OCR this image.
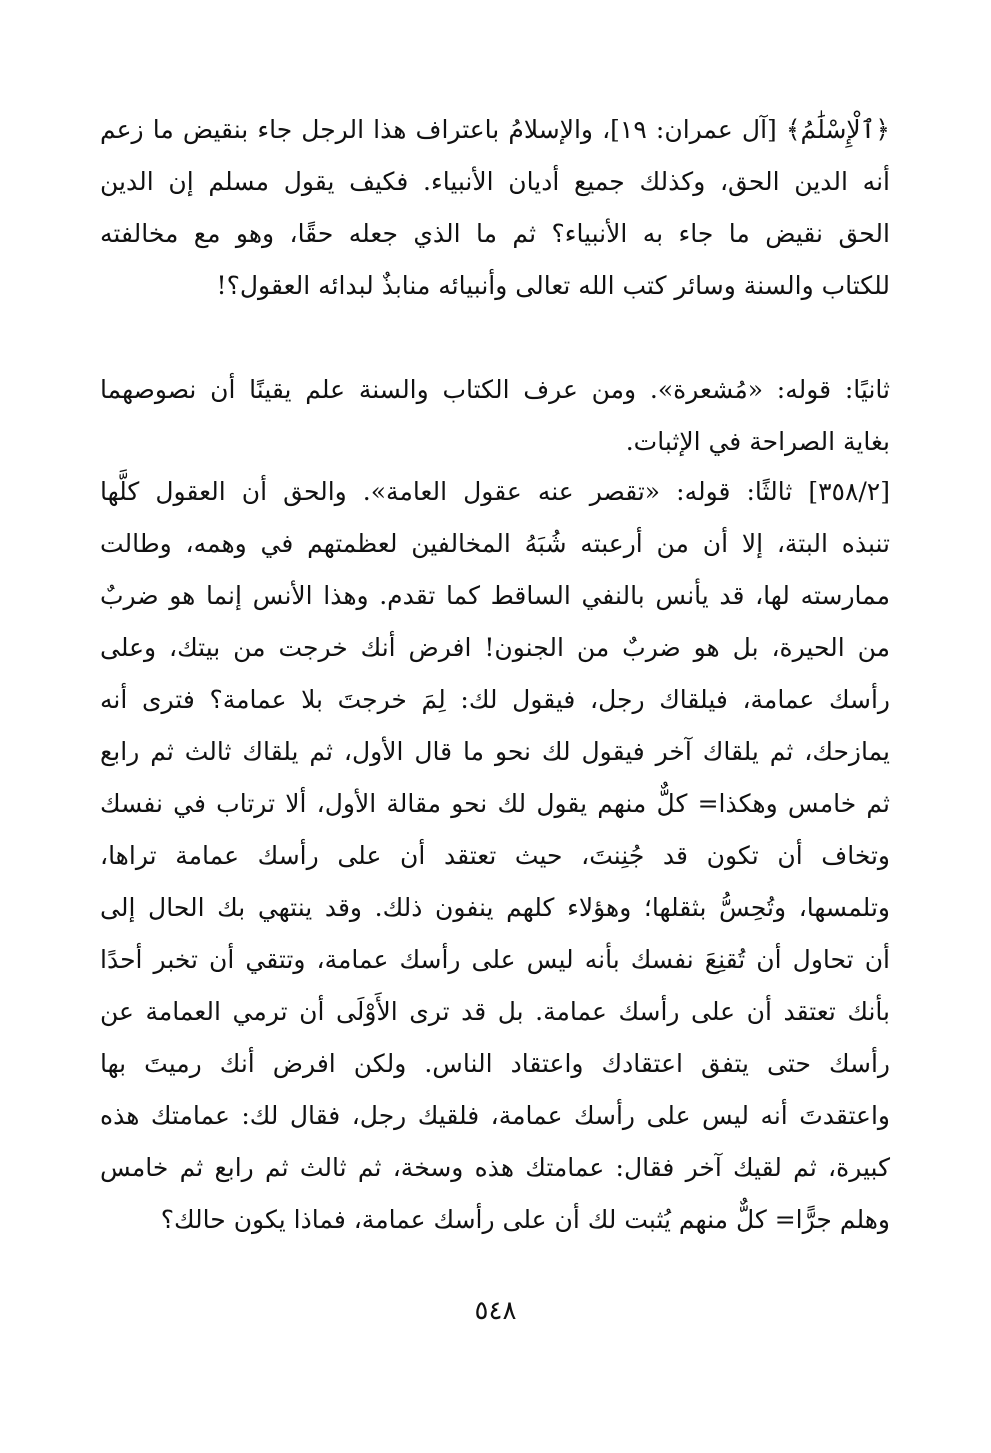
﴿ٱلْإِسْلَٰمُ﴾ [آل عمران: ١٩]، والإسلامُ باعتراف هذا الرجل جاء بنقيض ما زعم
أنه الدين الحق، وكذلك جميع أديان الأنبياء. فكيف يقول مسلم إن الدين
الحق نقيض ما جاء به الأنبياء؟ ثم ما الذي جعله حقًا، وهو مع مخالفته
للكتاب والسنة وسائر كتب الله تعالى وأنبيائه منابذٌ لبدائه العقول؟!
ثانيًا: قوله: «مُشعرة». ومن عرف الكتاب والسنة علم يقينًا أن نصوصهما
بغاية الصراحة في الإثبات.
[٣٥٨/٢] ثالثًا: قوله: «تقصر عنه عقول العامة». والحق أن العقول كلَّها
تنبذه البتة، إلا أن من أرعبته شُبَهُ المخالفين لعظمتهم في وهمه، وطالت
ممارسته لها، قد يأنس بالنفي الساقط كما تقدم. وهذا الأنس إنما هو ضربٌ
من الحيرة، بل هو ضربٌ من الجنون! افرض أنك خرجت من بيتك، وعلى
رأسك عمامة، فيلقاك رجل، فيقول لك: لِمَ خرجتَ بلا عمامة؟ فترى أنه
يمازحك، ثم يلقاك آخر فيقول لك نحو ما قال الأول، ثم يلقاك ثالث ثم رابع
ثم خامس وهكذا= كلٌّ منهم يقول لك نحو مقالة الأول، ألا ترتاب في نفسك
وتخاف أن تكون قد جُنِنتَ، حيث تعتقد أن على رأسك عمامة تراها،
وتلمسها، وتُحِسُّ بثقلها؛ وهؤلاء كلهم ينفون ذلك. وقد ينتهي بك الحال إلى
أن تحاول أن تُقنِعَ نفسك بأنه ليس على رأسك عمامة، وتتقي أن تخبر أحدًا
بأنك تعتقد أن على رأسك عمامة. بل قد ترى الأَوْلَى أن ترمي العمامة عن
رأسك حتى يتفق اعتقادك واعتقاد الناس. ولكن افرض أنك رميتَ بها
واعتقدتَ أنه ليس على رأسك عمامة، فلقيك رجل، فقال لك: عمامتك هذه
كبيرة، ثم لقيك آخر فقال: عمامتك هذه وسخة، ثم ثالث ثم رابع ثم خامس
وهلم جرًّا= كلٌّ منهم يُثبت لك أن على رأسك عمامة، فماذا يكون حالك؟
٥٤٨
